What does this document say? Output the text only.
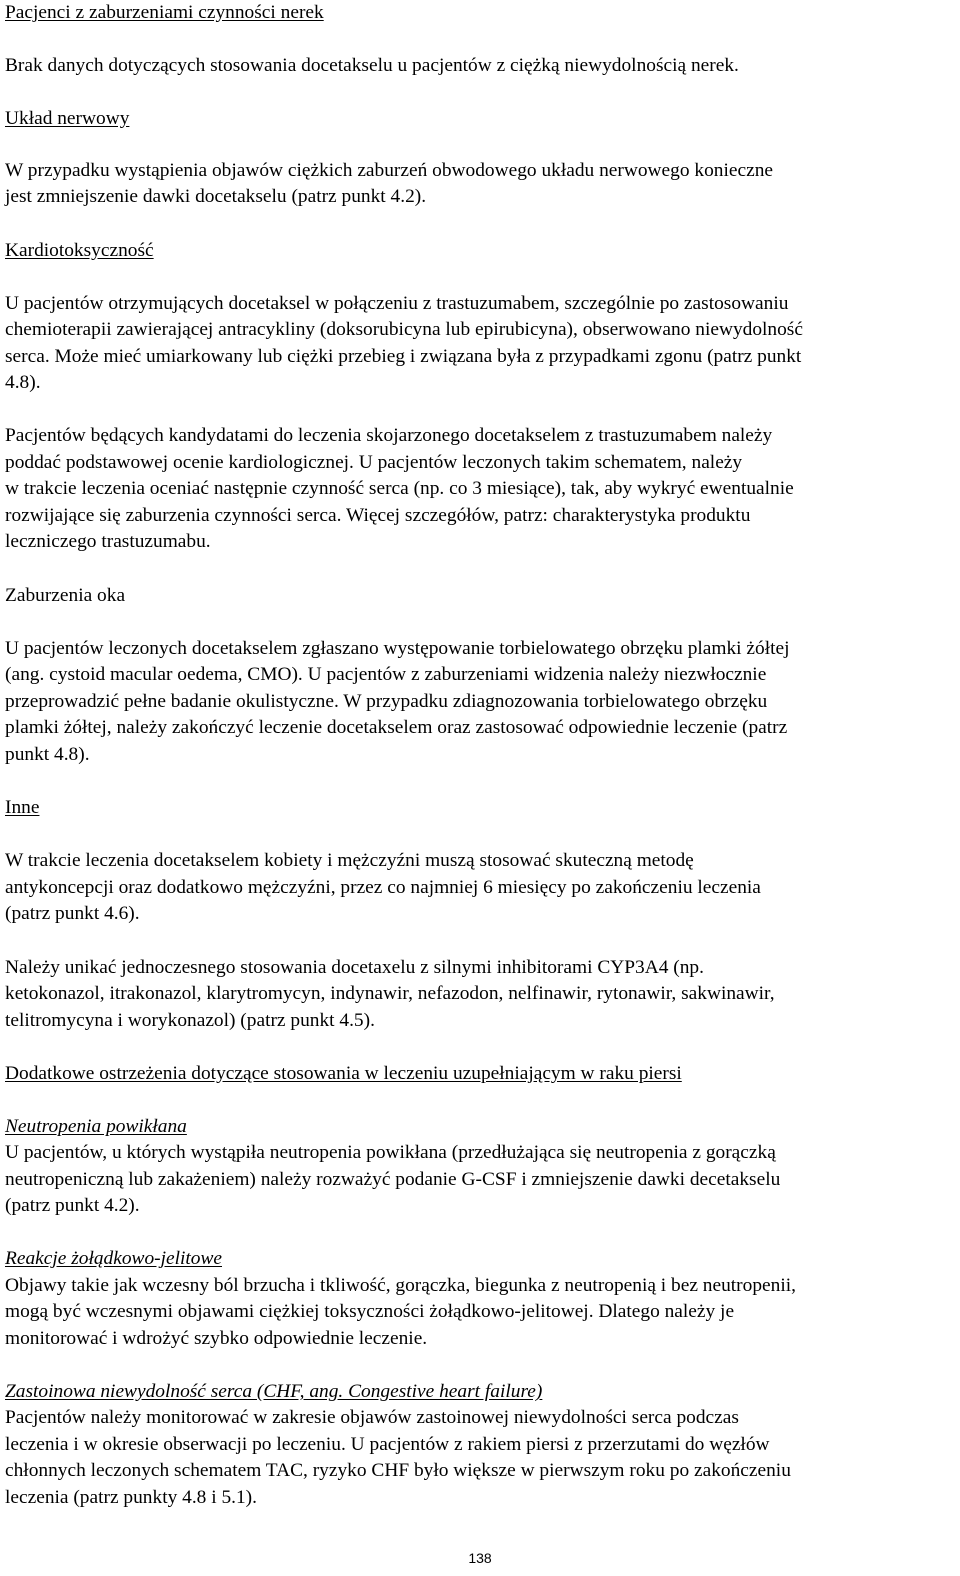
Pacjenci z zaburzeniami czynności nerek
Brak danych dotyczących stosowania docetakselu u pacjentów z ciężką niewydolnością nerek.
Układ nerwowy
W przypadku wystąpienia objawów ciężkich zaburzeń obwodowego układu nerwowego konieczne
jest zmniejszenie dawki docetakselu (patrz punkt 4.2).
Kardiotoksyczność
U pacjentów otrzymujących docetaksel w połączeniu z trastuzumabem, szczególnie po zastosowaniu
chemioterapii zawierającej antracykliny (doksorubicyna lub epirubicyna), obserwowano niewydolność
serca. Może mieć umiarkowany lub ciężki przebieg i związana była z przypadkami zgonu (patrz punkt
4.8).
Pacjentów będących kandydatami do leczenia skojarzonego docetakselem z trastuzumabem należy
poddać podstawowej ocenie kardiologicznej. U pacjentów leczonych takim schematem, należy
w trakcie leczenia oceniać następnie czynność serca (np. co 3 miesiące), tak, aby wykryć ewentualnie
rozwijające się zaburzenia czynności serca. Więcej szczegółów, patrz: charakterystyka produktu
leczniczego trastuzumabu.
Zaburzenia oka
U pacjentów leczonych docetakselem zgłaszano występowanie torbielowatego obrzęku plamki żółtej
(ang. cystoid macular oedema, CMO). U pacjentów z zaburzeniami widzenia należy niezwłocznie
przeprowadzić pełne badanie okulistyczne. W przypadku zdiagnozowania torbielowatego obrzęku
plamki żółtej, należy zakończyć leczenie docetakselem oraz zastosować odpowiednie leczenie (patrz
punkt 4.8).
Inne
W trakcie leczenia docetakselem kobiety i mężczyźni muszą stosować skuteczną metodę
antykoncepcji oraz dodatkowo mężczyźni, przez co najmniej 6 miesięcy po zakończeniu leczenia
(patrz punkt 4.6).
Należy unikać jednoczesnego stosowania docetaxelu z silnymi inhibitorami CYP3A4 (np.
ketokonazol, itrakonazol, klarytromycyn, indynawir, nefazodon, nelfinawir, rytonawir, sakwinawir,
telitromycyna i worykonazol) (patrz punkt 4.5).
Dodatkowe ostrzeżenia dotyczące stosowania w leczeniu uzupełniającym w raku piersi
Neutropenia powikłana
U pacjentów, u których wystąpiła neutropenia powikłana (przedłużająca się neutropenia z gorączką
neutropeniczną lub zakażeniem) należy rozważyć podanie G-CSF i zmniejszenie dawki decetakselu
(patrz punkt 4.2).
Reakcje żołądkowo-jelitowe
Objawy takie jak wczesny ból brzucha i tkliwość, gorączka, biegunka z neutropenią i bez neutropenii,
mogą być wczesnymi objawami ciężkiej toksyczności żołądkowo-jelitowej. Dlatego należy je
monitorować i wdrożyć szybko odpowiednie leczenie.
Zastoinowa niewydolność serca (CHF, ang. Congestive heart failure)
Pacjentów należy monitorować w zakresie objawów zastoinowej niewydolności serca podczas
leczenia i w okresie obserwacji po leczeniu. U pacjentów z rakiem piersi z przerzutami do węzłów
chłonnych leczonych schematem TAC, ryzyko CHF było większe w pierwszym roku po zakończeniu
leczenia (patrz punkty 4.8 i 5.1).
138
